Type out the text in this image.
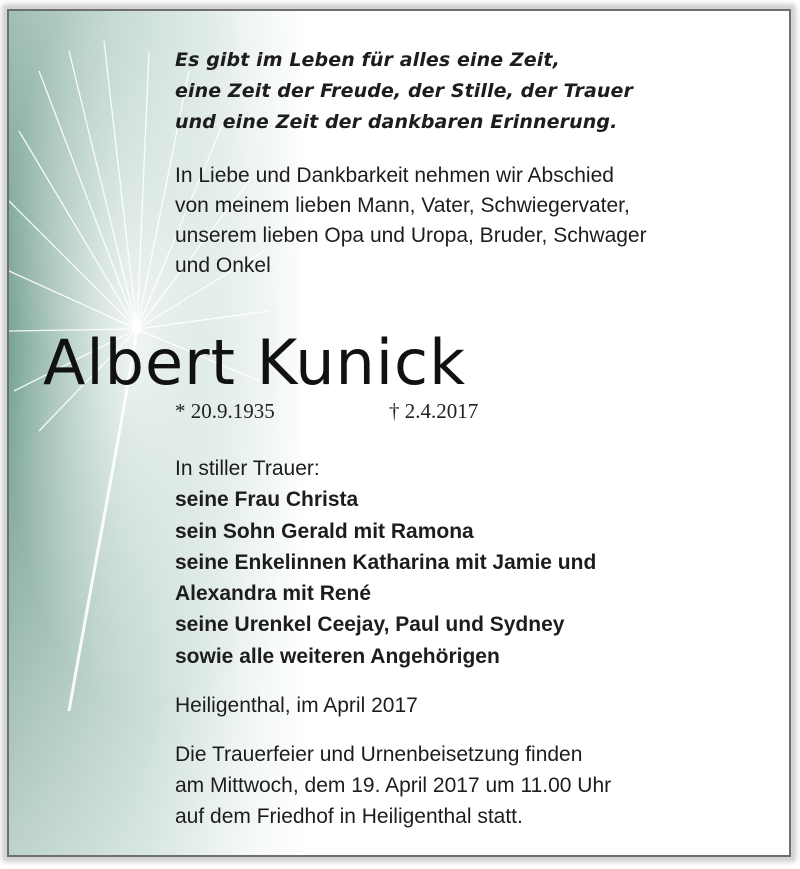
Es gibt im Leben für alles eine Zeit,
eine Zeit der Freude, der Stille, der Trauer
und eine Zeit der dankbaren Erinnerung.
In Liebe und Dankbarkeit nehmen wir Abschied
von meinem lieben Mann, Vater, Schwiegervater,
unserem lieben Opa und Uropa, Bruder, Schwager
und Onkel
Albert Kunick
* 20.9.1935	† 2.4.2017
In stiller Trauer:
seine Frau Christa
sein Sohn Gerald mit Ramona
seine Enkelinnen Katharina mit Jamie und
Alexandra mit René
seine Urenkel Ceejay, Paul und Sydney
sowie alle weiteren Angehörigen
Heiligenthal, im April 2017
Die Trauerfeier und Urnenbeisetzung finden
am Mittwoch, dem 19. April 2017 um 11.00 Uhr
auf dem Friedhof in Heiligenthal statt.
